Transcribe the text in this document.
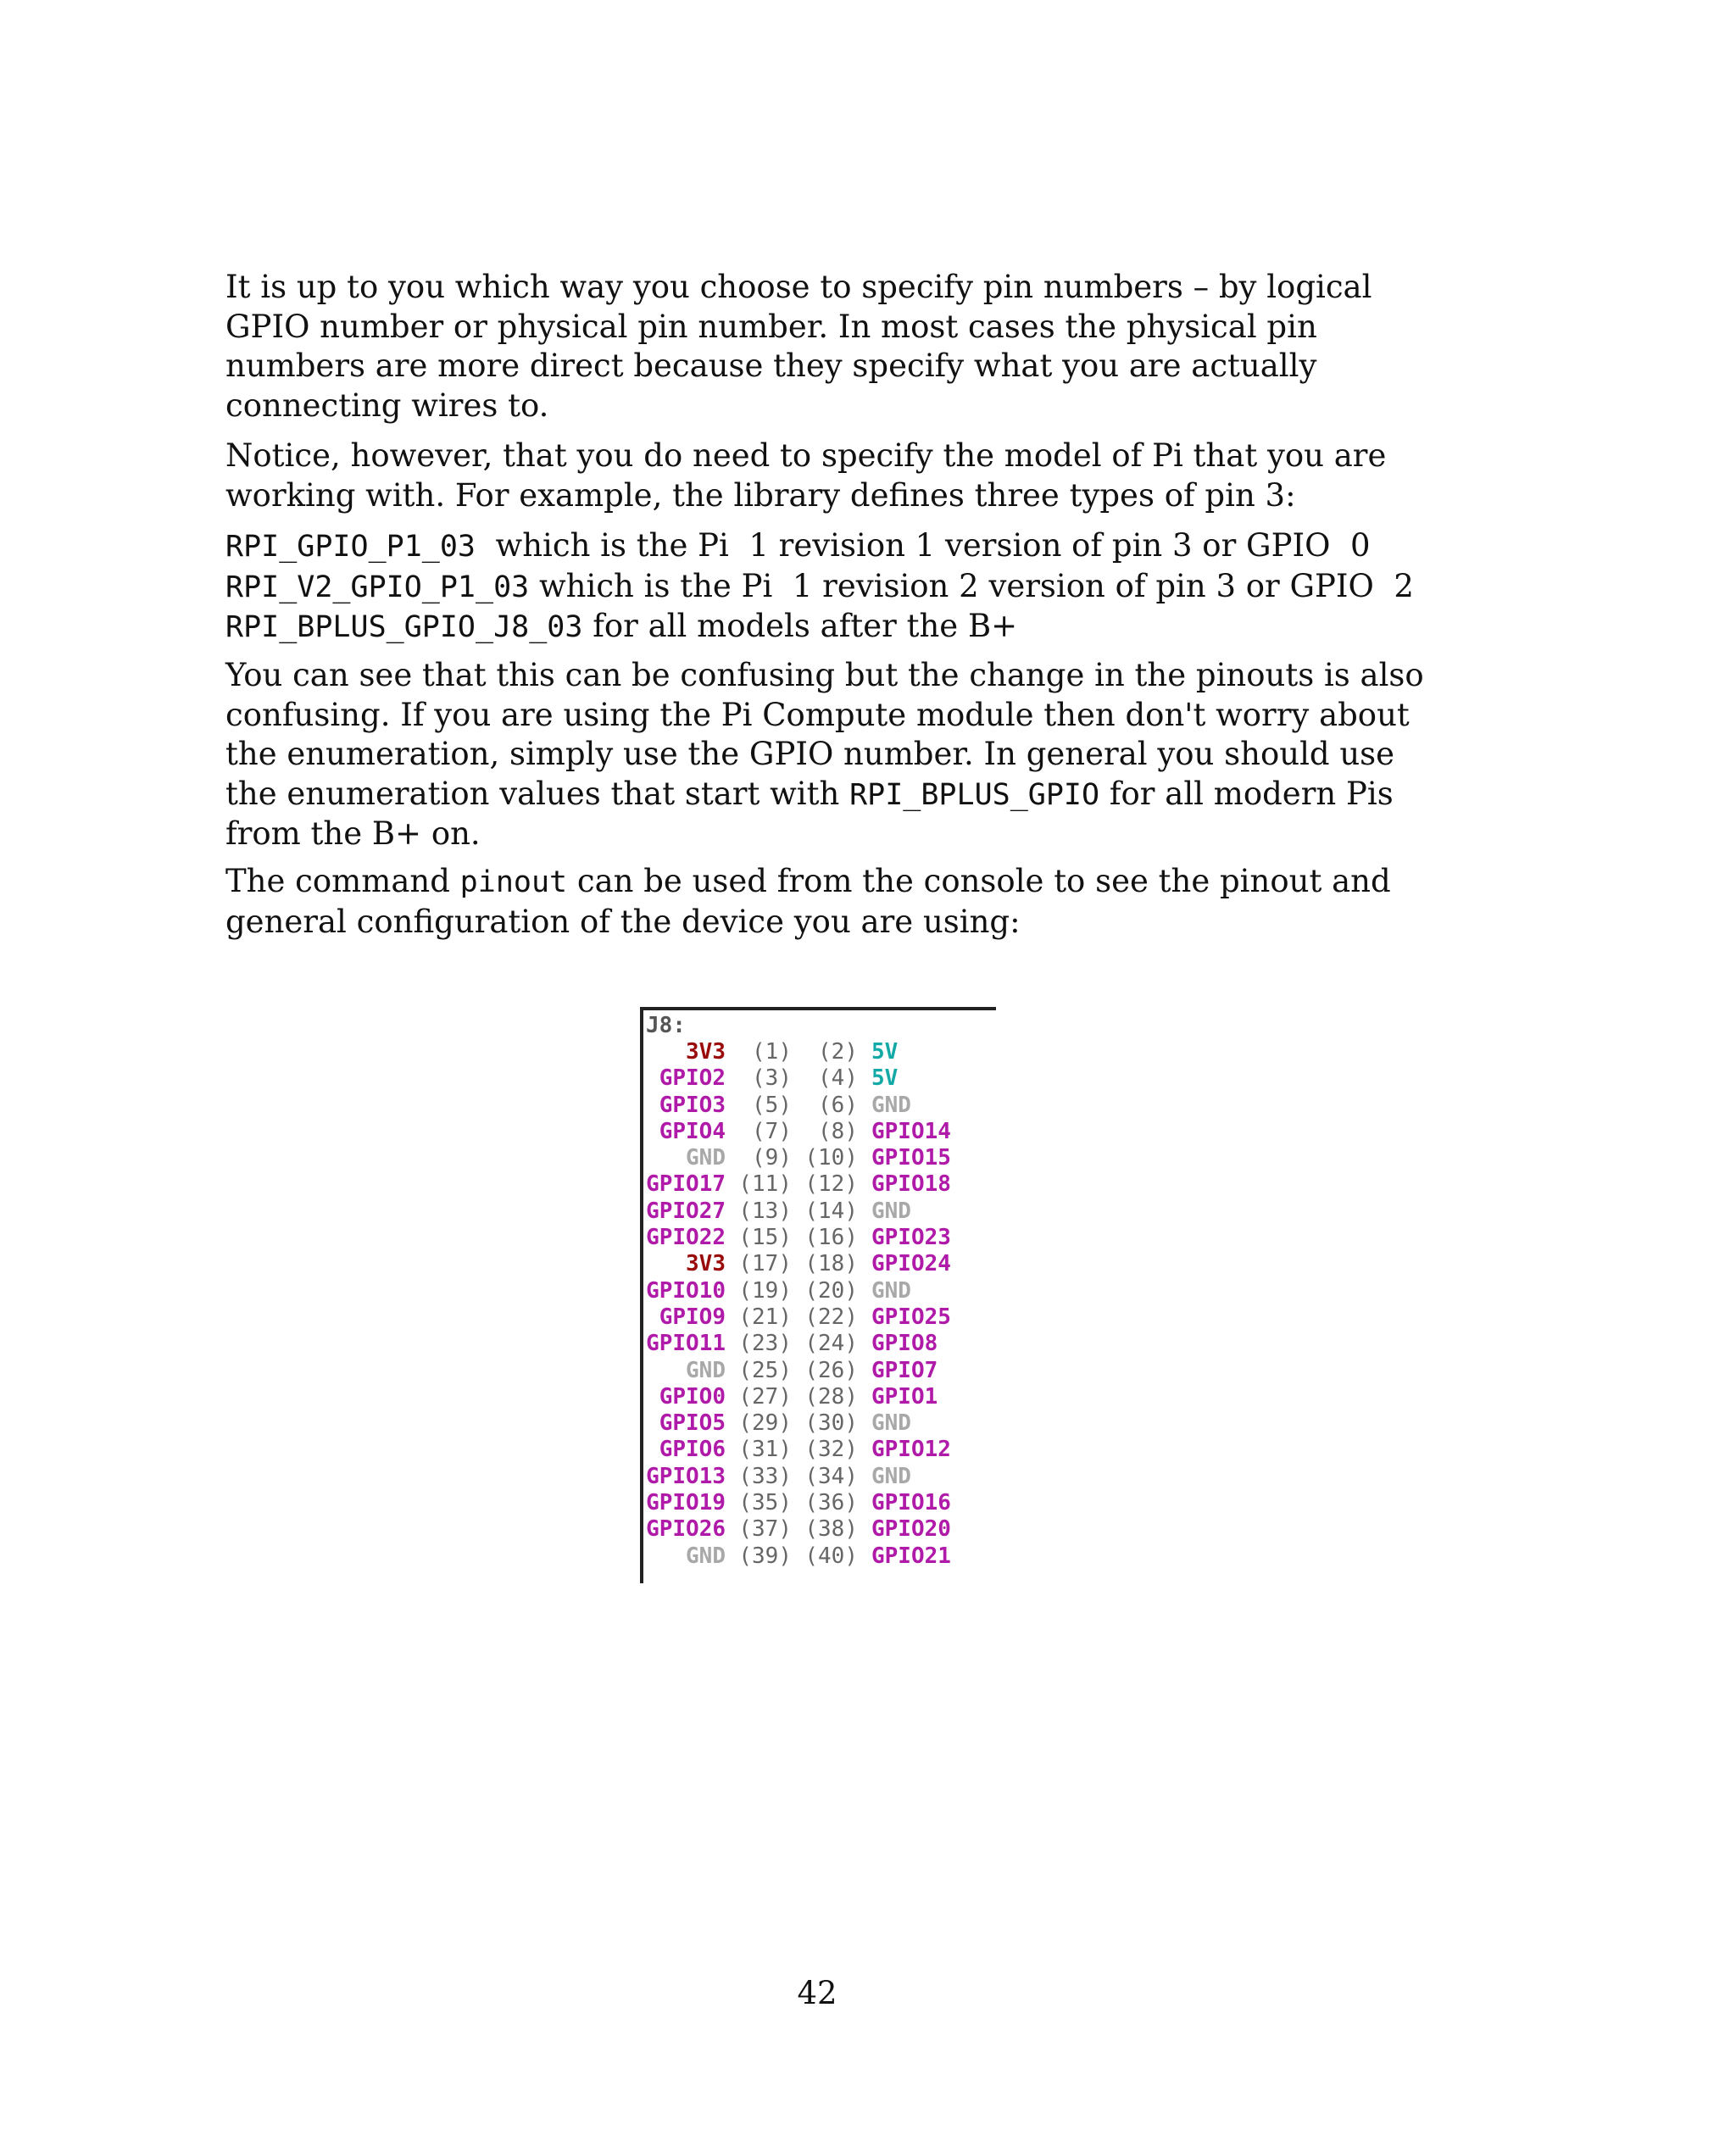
It is up to you which way you choose to specify pin numbers – by logical GPIO number or physical pin number. In most cases the physical pin numbers are more direct because they specify what you are actually connecting wires to.

Notice, however, that you do need to specify the model of Pi that you are working with. For example, the library defines three types of pin 3:

RPI_GPIO_P1_03  which is the Pi  1 revision 1 version of pin 3 or GPIO  0

RPI_V2_GPIO_P1_03 which is the Pi  1 revision 2 version of pin 3 or GPIO  2

RPI_BPLUS_GPIO_J8_03 for all models after the B+

You can see that this can be confusing but the change in the pinouts is also confusing. If you are using the Pi Compute module then don't worry about the enumeration, simply use the GPIO number. In general you should use the enumeration values that start with RPI_BPLUS_GPIO for all modern Pis from the B+ on.

The command pinout can be used from the console to see the pinout and general configuration of the device you are using:

J8:
3V3	(1)	(2) 5V
GPIO2	(3)	(4) 5V
GPIO3	(5)	(6) GND
GPIO4	(7)	(8) GPIO14
GND	(9) (10) GPIO15
GPIO17 (11) (12) GPIO18
GPIO27 (13) (14) GND
GPIO22 (15) (16) GPIO23
3V3 (17) (18) GPIO24
GPIO10 (19) (20) GND
GPIO9 (21) (22) GPIO25
GPIO11 (23) (24) GPIO8
GND (25) (26) GPIO7
GPIO0 (27) (28) GPIO1
GPIO5 (29) (30) GND
GPIO6 (31) (32) GPIO12
GPIO13 (33) (34) GND
GPIO19 (35) (36) GPIO16
GPIO26 (37) (38) GPIO20
GND (39) (40) GPIO21
42
